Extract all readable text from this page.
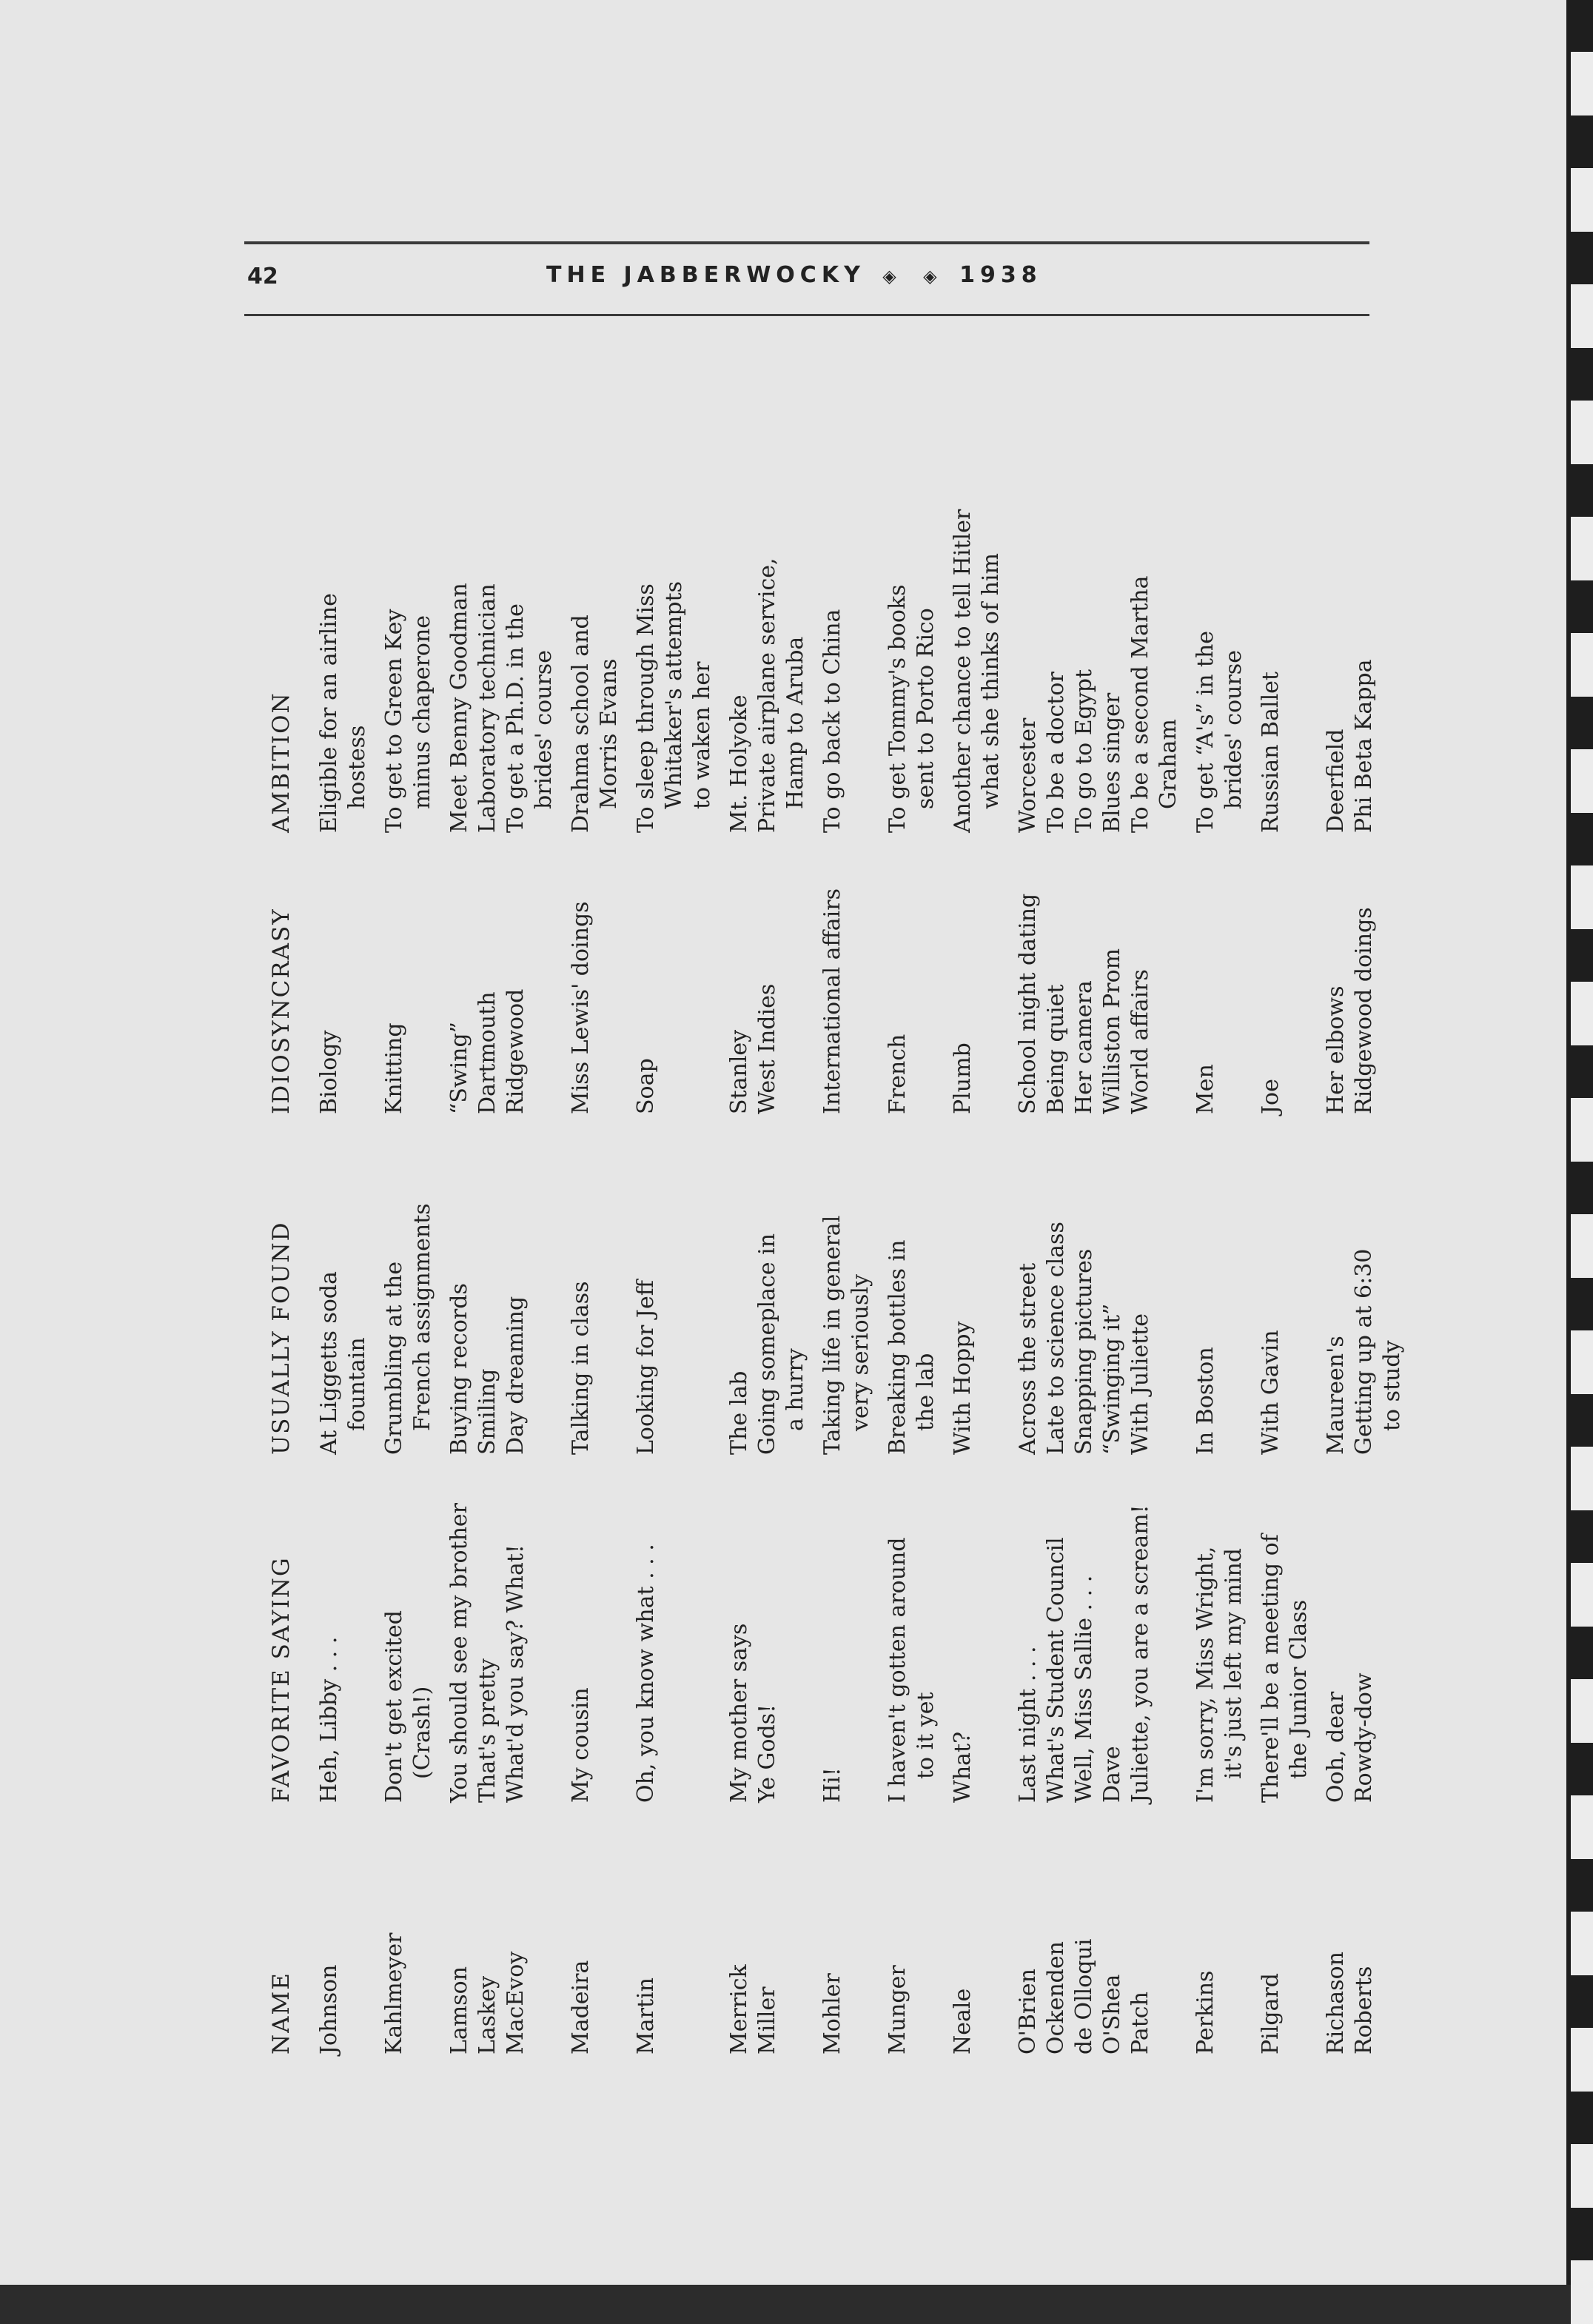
42	THE JABBERWOCKY ◈ ◈ 1938
NAME	FAVORITE SAYING	USUALLY FOUND	IDIOSYNCRASY	AMBITION
Johnson	Heh, Libby . . .	At Liggetts soda fountain	Biology	Eligible for an airline hostess

Kahlmeyer	Don't get excited (Crash!)	Grumbling at the French assignments	Knitting	To get to Green Key minus chaperone

Lamson	You should see my brother	Buying records	“Swing”	Meet Benny Goodman

Laskey	That's pretty	Smiling	Dartmouth	Laboratory technician

MacEvoy	What'd you say? What!	Day dreaming	Ridgewood	To get a Ph.D. in the brides' course

Madeira	My cousin	Talking in class	Miss Lewis' doings	Drahma school and Morris Evans

Martin	Oh, you know what . . .	Looking for Jeff	Soap	To sleep through Miss Whitaker's attempts to waken her

Merrick	My mother says	The lab	Stanley	Mt. Holyoke

Miller	Ye Gods!	Going someplace in a hurry	West Indies	Private airplane service, Hamp to Aruba

Mohler	Hi!	Taking life in general very seriously	International affairs	To go back to China

Munger	I haven't gotten around to it yet	Breaking bottles in the lab	French	To get Tommy's books sent to Porto Rico

Neale	What?	With Hoppy	Plumb	Another chance to tell Hitler what she thinks of him

O'Brien	Last night . . .	Across the street	School night dating	Worcester

Ockenden	What's Student Council	Late to science class	Being quiet	To be a doctor

de Olloqui	Well, Miss Sallie . . .	Snapping pictures	Her camera	To go to Egypt

O'Shea	Dave	“Swinging it”	Williston Prom	Blues singer

Patch	Juliette, you are a scream!	With Juliette	World affairs	To be a second Martha Graham

Perkins	I'm sorry, Miss Wright, it's just left my mind	In Boston	Men	To get “A's” in the brides' course

Pilgard	There'll be a meeting of the Junior Class	With Gavin	Joe	Russian Ballet

Richason	Ooh, dear	Maureen's	Her elbows	Deerfield

Roberts	Rowdy-dow	Getting up at 6:30 to study	Ridgewood doings	Phi Beta Kappa
